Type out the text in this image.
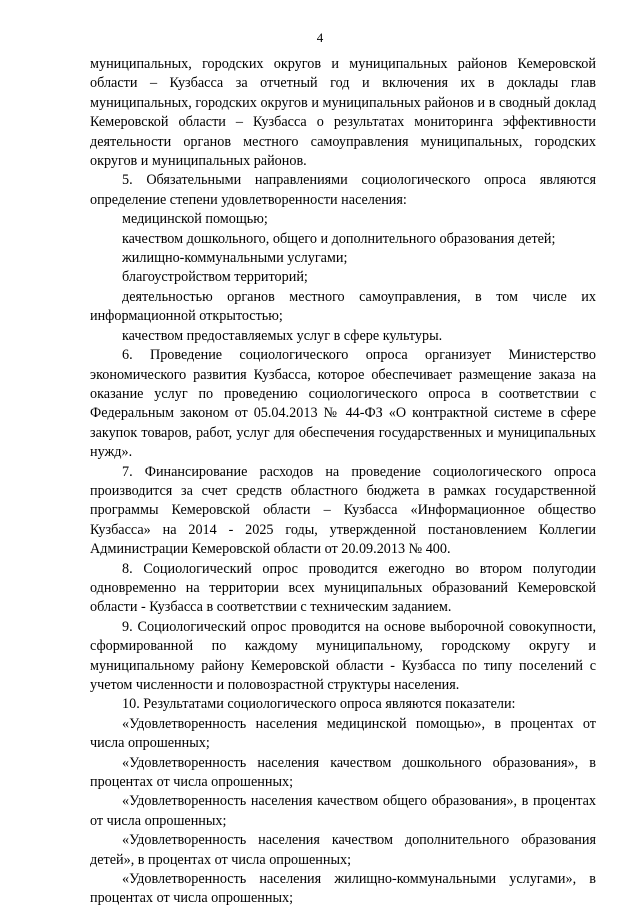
4

муниципальных, городских округов и муниципальных районов Кемеровской области – Кузбасса за отчетный год и включения их в доклады глав муниципальных, городских округов и муниципальных районов и в сводный доклад Кемеровской области – Кузбасса о результатах мониторинга эффективности деятельности органов местного самоуправления муниципальных, городских округов и муниципальных районов.

5. Обязательными направлениями социологического опроса являются определение степени удовлетворенности населения:

медицинской помощью;

качеством дошкольного, общего и дополнительного образования детей;

жилищно-коммунальными услугами;

благоустройством территорий;

деятельностью органов местного самоуправления, в том числе их информационной открытостью;

качеством предоставляемых услуг в сфере культуры.

6. Проведение социологического опроса организует Министерство экономического развития Кузбасса, которое обеспечивает размещение заказа на оказание услуг по проведению социологического опроса в соответствии с Федеральным законом от 05.04.2013 № 44-ФЗ «О контрактной системе в сфере закупок товаров, работ, услуг для обеспечения государственных и муниципальных нужд».

7. Финансирование расходов на проведение социологического опроса производится за счет средств областного бюджета в рамках государственной программы Кемеровской области – Кузбасса «Информационное общество Кузбасса» на 2014 - 2025 годы, утвержденной постановлением Коллегии Администрации Кемеровской области от 20.09.2013 № 400.

8. Социологический опрос проводится ежегодно во втором полугодии одновременно на территории всех муниципальных образований Кемеровской области - Кузбасса в соответствии с техническим заданием.

9. Социологический опрос проводится на основе выборочной совокупности, сформированной по каждому муниципальному, городскому округу и муниципальному району Кемеровской области - Кузбасса по типу поселений с учетом численности и половозрастной структуры населения.

10. Результатами социологического опроса являются показатели:

«Удовлетворенность населения медицинской помощью», в процентах от числа опрошенных;

«Удовлетворенность населения качеством дошкольного образования», в процентах от числа опрошенных;

«Удовлетворенность населения качеством общего образования», в процентах от числа опрошенных;

«Удовлетворенность населения качеством дополнительного образования детей», в процентах от числа опрошенных;

«Удовлетворенность населения жилищно-коммунальными услугами», в процентах от числа опрошенных;
